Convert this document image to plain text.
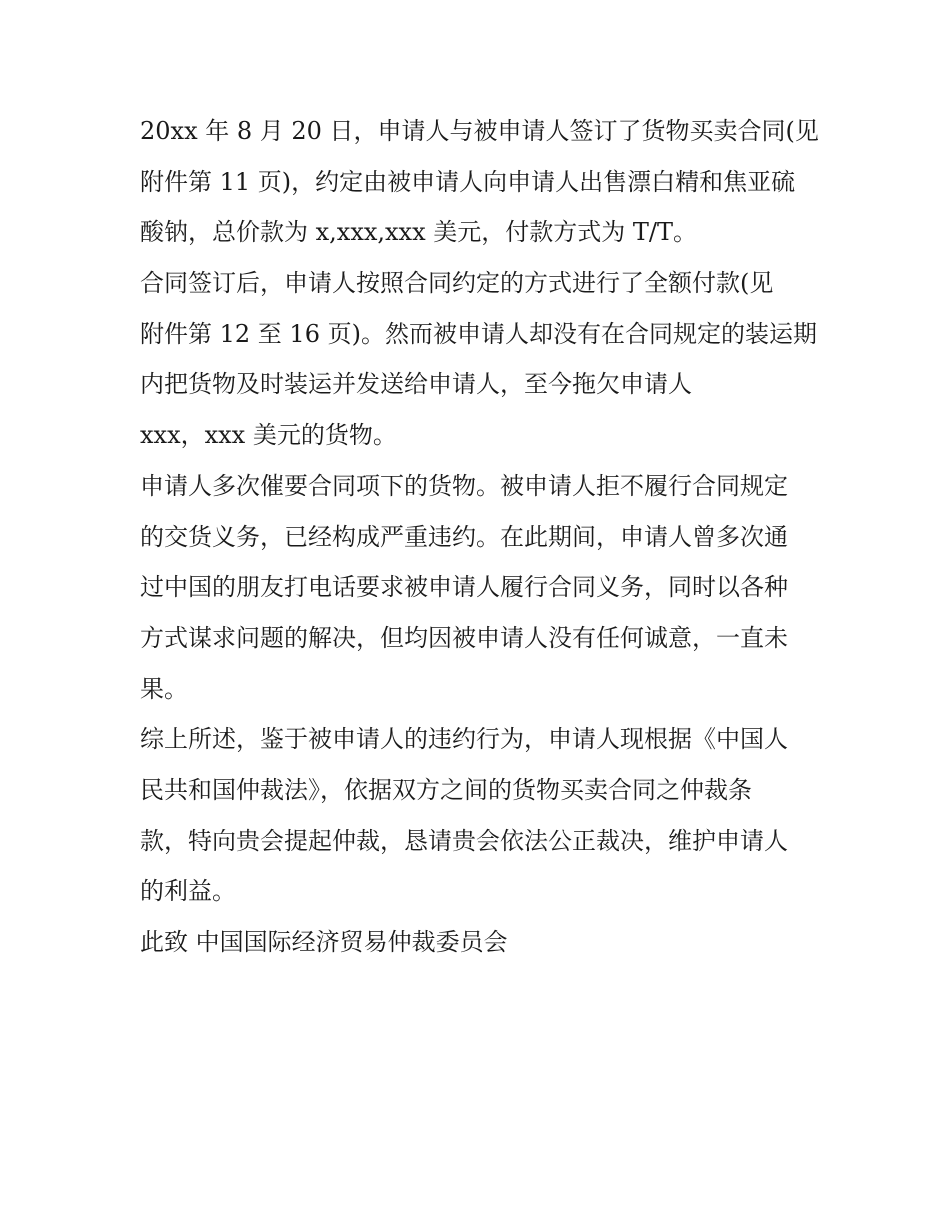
20xx 年 8 月 20 日，申请人与被申请人签订了货物买卖合同(见
附件第 11 页)，约定由被申请人向申请人出售漂白精和焦亚硫
酸钠，总价款为 x,xxx,xxx 美元，付款方式为 T/T。
合同签订后，申请人按照合同约定的方式进行了全额付款(见
附件第 12 至 16 页)。然而被申请人却没有在合同规定的装运期
内把货物及时装运并发送给申请人，至今拖欠申请人
xxx，xxx 美元的货物。
申请人多次催要合同项下的货物。被申请人拒不履行合同规定
的交货义务，已经构成严重违约。在此期间，申请人曾多次通
过中国的朋友打电话要求被申请人履行合同义务，同时以各种
方式谋求问题的解决，但均因被申请人没有任何诚意，一直未
果。
综上所述，鉴于被申请人的违约行为，申请人现根据《中国人
民共和国仲裁法》，依据双方之间的货物买卖合同之仲裁条
款，特向贵会提起仲裁，恳请贵会依法公正裁决，维护申请人
的利益。
此致 中国国际经济贸易仲裁委员会
